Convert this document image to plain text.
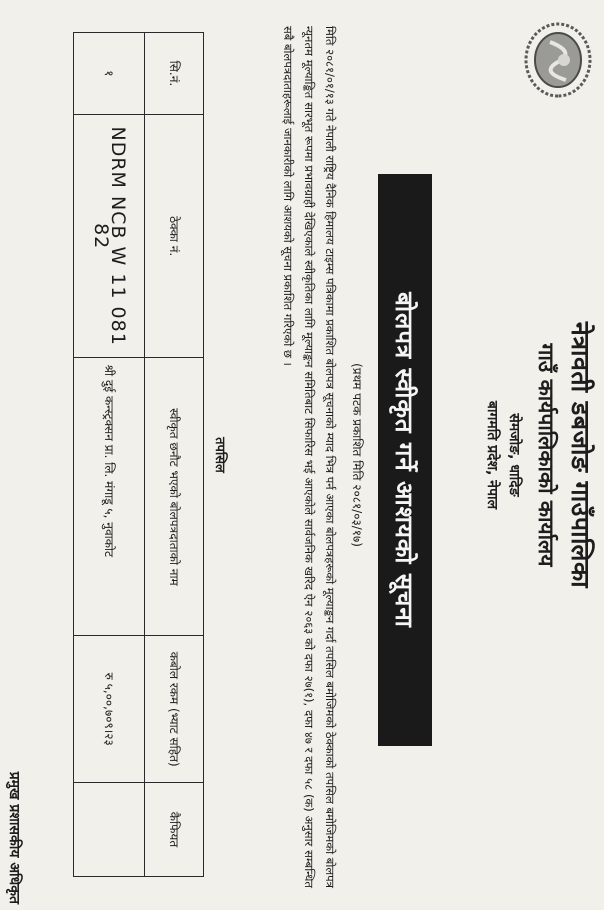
नेत्रावती डबजोङ गाउँपालिका
गाउँ कार्यपालिकाको कार्यालय
सेमजोङ, धादिङ
बागमति प्रदेश, नेपाल
बोलपत्र स्वीकृत गर्ने आशयको सूचना
(प्रथम पटक प्रकाशित मिति २०८१/०३/१७)
मिति २०८१/०१/१३ गते नेपाली राष्ट्रिय दैनिक हिमालय टाइम्स पत्रिकामा प्रकाशित बोलपत्र सूचनाको म्याद भित्र पर्न आएका बोलपत्रहरूको मूल्याङ्कन गर्दा तपसिल बमोजिमको ठेक्काको तपसिल बमोजिमको बोलपत्र न्यूनतम मूल्याङ्कित सारभूत रूपमा प्रभावग्राही देखिएकाले स्वीकृतिका लागि मूल्याङ्कन समितिबाट सिफारिस भई आएकोले सार्वजनिक खरिद ऐन २०६३ को दफा २७(१), दफा ४७ र दफा ५८ (क) अनुसार सम्बन्धित सबै बोलपत्रदाताहरूलाई जानकारीको लागि आशयको सूचना प्रकाशित गरिएको छ ।
तपसिल
सि.नं.	ठेक्का नं.	स्वीकृत छनौट भएको बोलपत्रदाताको नाम	कबोल रकम (भ्याट सहित)	कैफियत
१	NDRM NCB W 11 081 82	श्री दुई कन्स्ट्रक्सन प्रा. लि. मंगाडू ५, नुवाकोट	रु ५,००,७०९।२३	
प्रमुख प्रशासकीय अधिकृत
